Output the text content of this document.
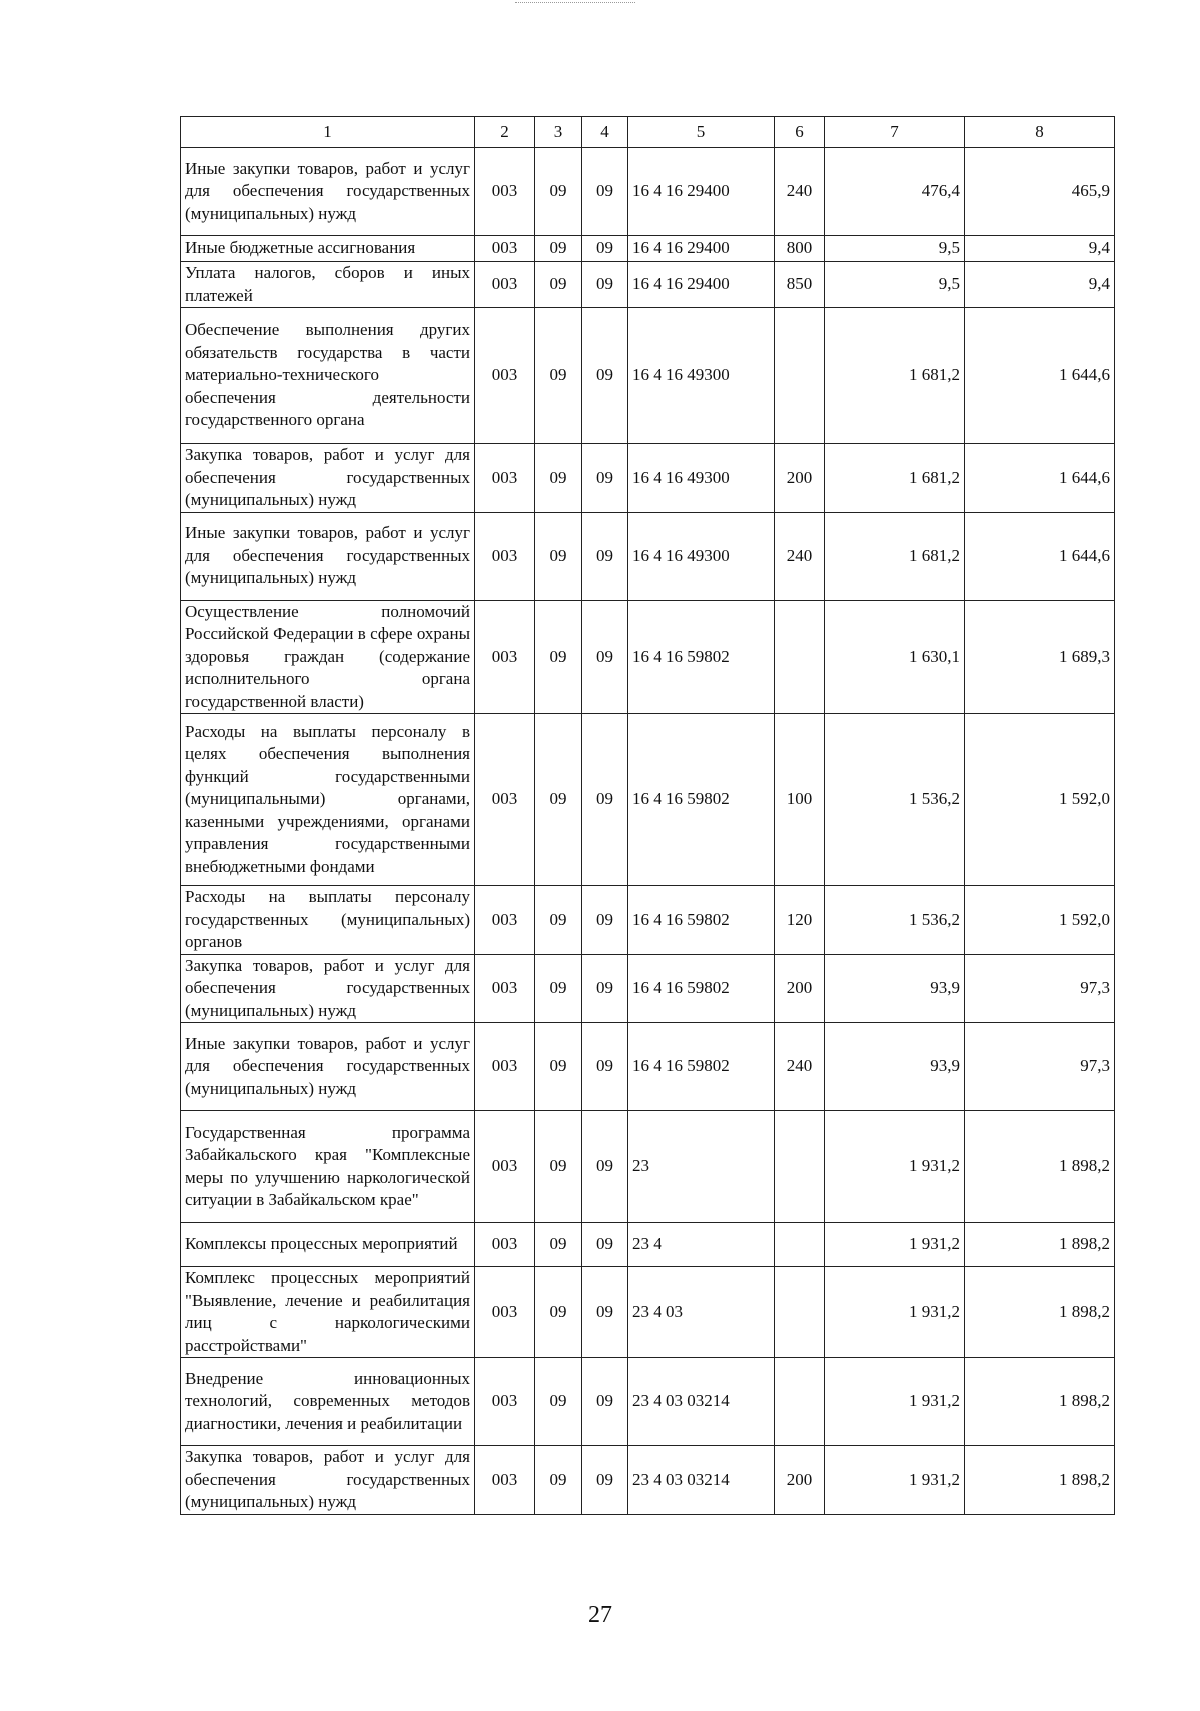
1	2	3	4	5	6	7	8
Иные закупки товаров, работ и услуг для обеспечения государственных (муниципальных) нужд	003	09	09	16 4 16 29400	240	476,4	465,9
Иные бюджетные ассигнования	003	09	09	16 4 16 29400	800	9,5	9,4
Уплата налогов, сборов и иных платежей	003	09	09	16 4 16 29400	850	9,5	9,4
Обеспечение выполнения других обязательств государства в части материально-технического обеспечения деятельности государственного органа	003	09	09	16 4 16 49300		1 681,2	1 644,6
Закупка товаров, работ и услуг для обеспечения государственных (муниципальных) нужд	003	09	09	16 4 16 49300	200	1 681,2	1 644,6
Иные закупки товаров, работ и услуг для обеспечения государственных (муниципальных) нужд	003	09	09	16 4 16 49300	240	1 681,2	1 644,6
Осуществление полномочий Российской Федерации в сфере охраны здоровья граждан (содержание исполнительного органа государственной власти)	003	09	09	16 4 16 59802		1 630,1	1 689,3
Расходы на выплаты персоналу в целях обеспечения выполнения функций государственными (муниципальными) органами, казенными учреждениями, органами управления государственными внебюджетными фондами	003	09	09	16 4 16 59802	100	1 536,2	1 592,0
Расходы на выплаты персоналу государственных (муниципальных) органов	003	09	09	16 4 16 59802	120	1 536,2	1 592,0
Закупка товаров, работ и услуг для обеспечения государственных (муниципальных) нужд	003	09	09	16 4 16 59802	200	93,9	97,3
Иные закупки товаров, работ и услуг для обеспечения государственных (муниципальных) нужд	003	09	09	16 4 16 59802	240	93,9	97,3
Государственная программа Забайкальского края "Комплексные меры по улучшению наркологической ситуации в Забайкальском крае"	003	09	09	23		1 931,2	1 898,2
Комплексы процессных мероприятий	003	09	09	23 4		1 931,2	1 898,2
Комплекс процессных мероприятий "Выявление, лечение и реабилитация лиц с наркологическими расстройствами"	003	09	09	23 4 03		1 931,2	1 898,2
Внедрение инновационных технологий, современных методов диагностики, лечения и реабилитации	003	09	09	23 4 03 03214		1 931,2	1 898,2
Закупка товаров, работ и услуг для обеспечения государственных (муниципальных) нужд	003	09	09	23 4 03 03214	200	1 931,2	1 898,2
27
